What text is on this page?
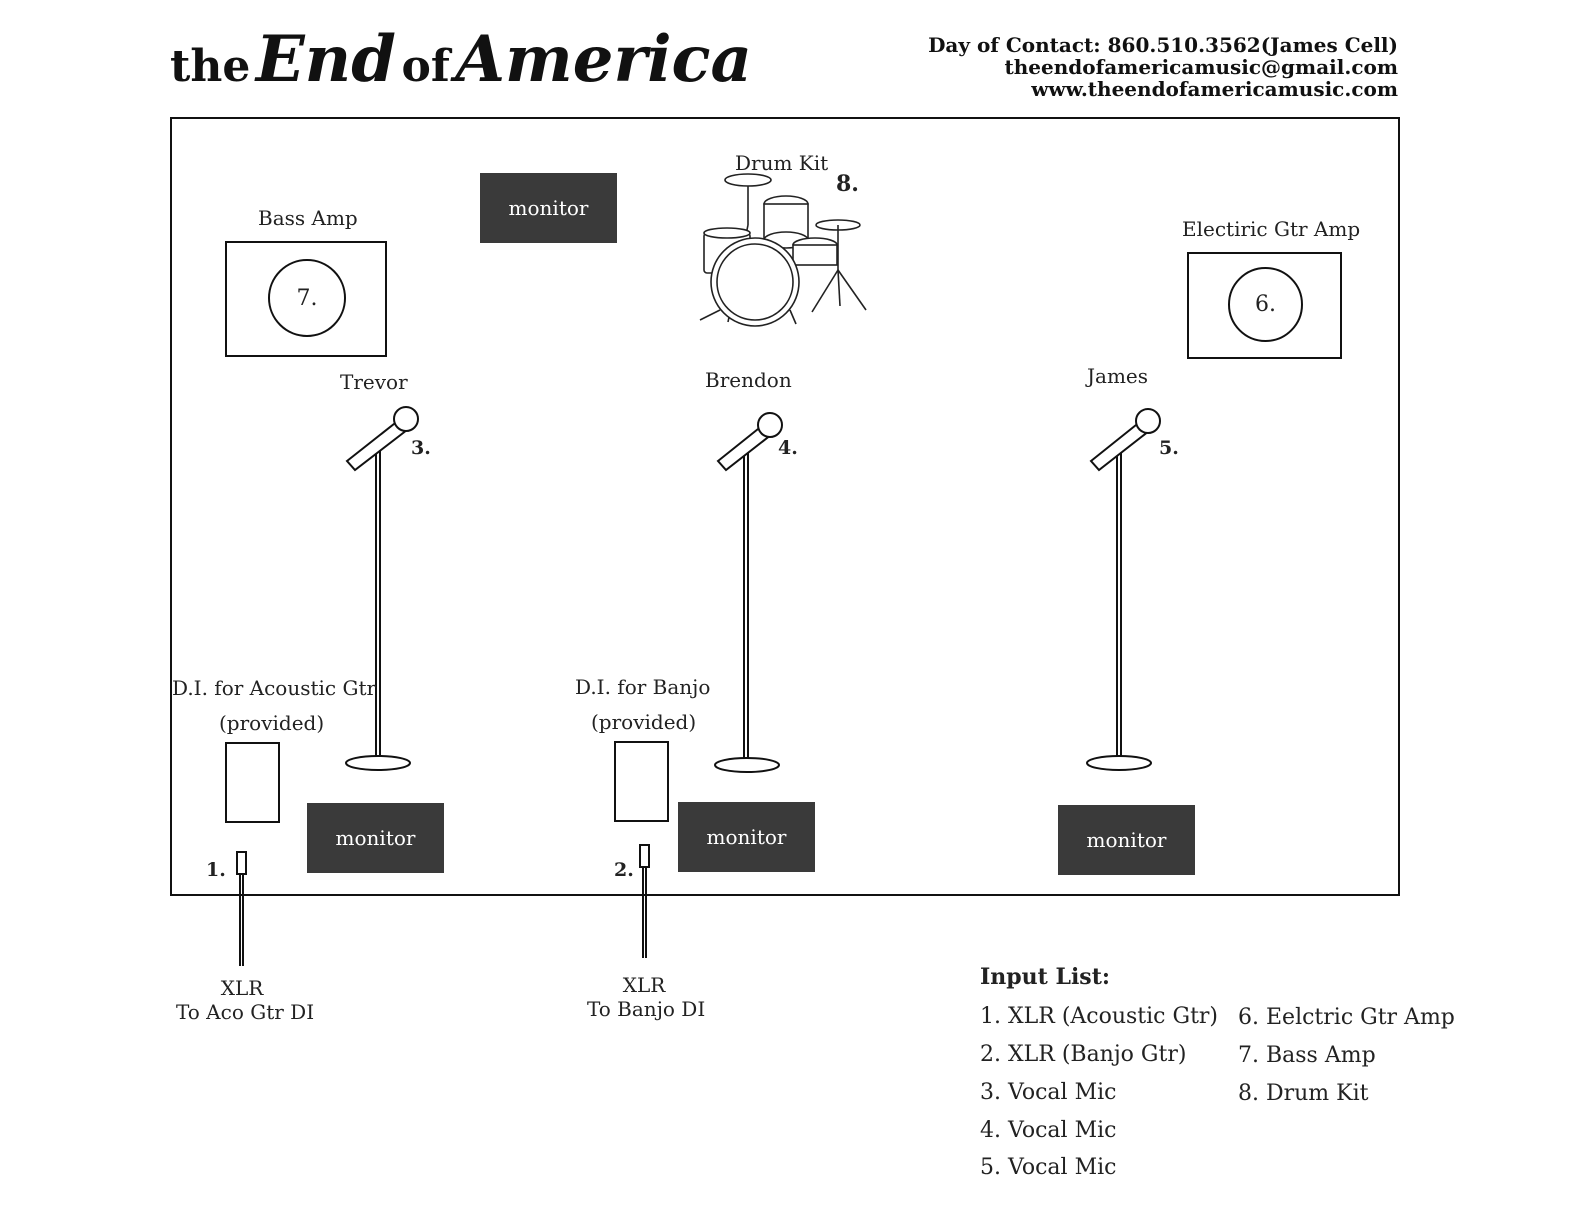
the End of America	Day of Contact: 860.510.3562(James Cell)
theendofamericamusic@gmail.com
www.theendofamericamusic.com
Drum Kit
8.
monitor
monitor	monitor	monitor
Bass Amp
7.
Electiric Gtr Amp
6.
Trevor	Brendon	James
3.	4.	5.
D.I. for Acoustic Gtr
(provided)
1.
D.I. for Banjo
(provided)
2.
XLR
To Aco Gtr DI
XLR
To Banjo DI
Input List:
1. XLR (Acoustic Gtr)
2. XLR (Banjo Gtr)
3. Vocal Mic
4. Vocal Mic
5. Vocal Mic
6. Eelctric Gtr Amp
7. Bass Amp
8. Drum Kit
